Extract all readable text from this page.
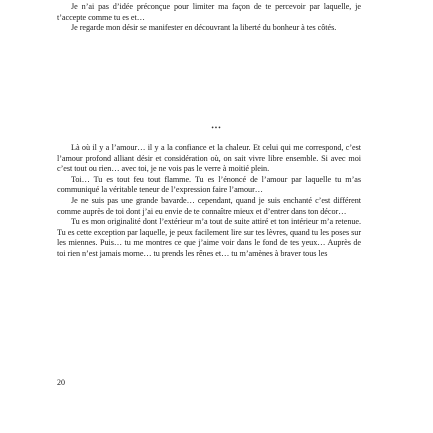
Je n’ai pas d’idée préconçue pour limiter ma façon de te percevoir par laquelle, je t’accepte comme tu es et…

Je regarde mon désir se manifester en découvrant la liberté du bonheur à tes côtés.

•••

Là où il y a l’amour… il y a la confiance et la chaleur. Et celui qui me correspond, c’est l’amour profond alliant désir et considération où, on sait vivre libre ensemble. Si avec moi c’est tout ou rien… avec toi, je ne vois pas le verre à moitié plein.

Toi… Tu es tout feu tout flamme. Tu es l’énoncé de l’amour par laquelle tu m’as communiqué la véritable teneur de l’expression faire l’amour…

Je ne suis pas une grande bavarde… cependant, quand je suis enchanté c’est différent comme auprès de toi dont j’ai eu envie de te connaître mieux et d’entrer dans ton décor…

Tu es mon originalité dont l’extérieur m’a tout de suite attiré et ton intérieur m’a retenue. Tu es cette exception par laquelle, je peux facilement lire sur tes lèvres, quand tu les poses sur les miennes. Puis… tu me montres ce que j’aime voir dans le fond de tes yeux… Auprès de toi rien n’est jamais morne… tu prends les rênes et… tu m’amènes à braver tous les

20
